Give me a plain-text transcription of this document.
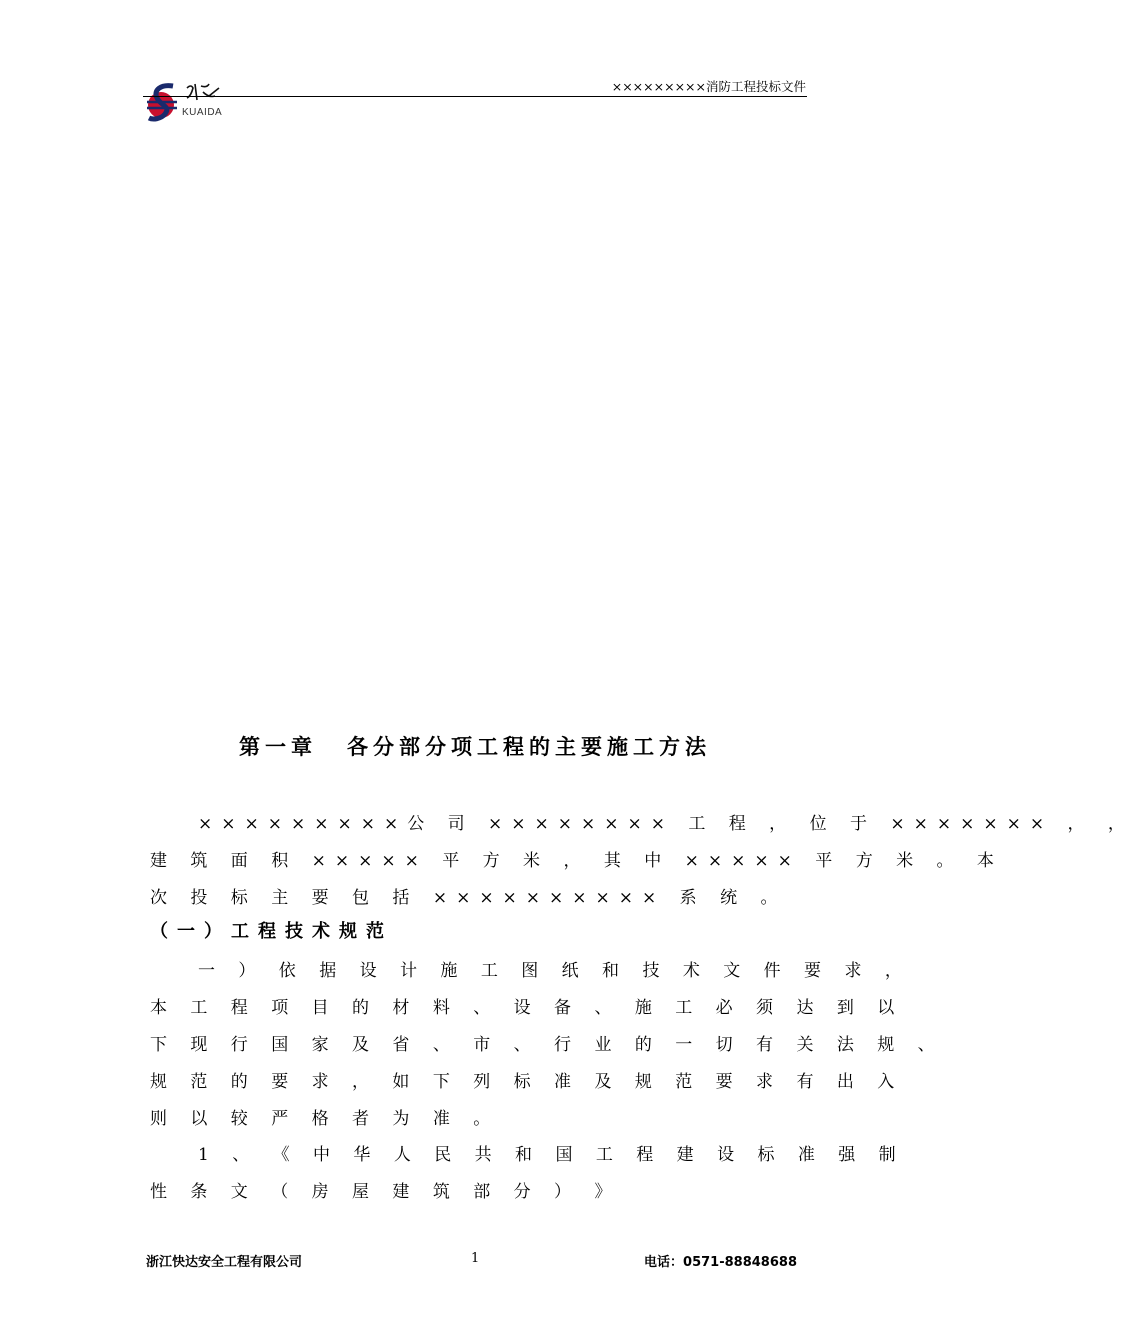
KUAIDA
×××××××××消防工程投标文件
第一章 各分部分项工程的主要施工方法
×××××××××公 司 ×××××××× 工 程 ， 位 于 ××××××× ， ，
建 筑 面 积 ××××× 平 方 米 ， 其 中 ××××× 平 方 米 。 本
次 投 标 主 要 包 括 ×××××××××× 系 统 。
（一）工程技术规范
一 ） 依 据 设 计 施 工 图 纸 和 技 术 文 件 要 求 ，
本 工 程 项 目 的 材 料 、 设 备 、 施 工 必 须 达 到 以
下 现 行 国 家 及 省 、 市 、 行 业 的 一 切 有 关 法 规 、
规 范 的 要 求 ， 如 下 列 标 准 及 规 范 要 求 有 出 入
则 以 较 严 格 者 为 准 。
1 、 《 中 华 人 民 共 和 国 工 程 建 设 标 准 强 制
性 条 文 （ 房 屋 建 筑 部 分 ） 》
浙江快达安全工程有限公司	1	电话：0571-88848688
